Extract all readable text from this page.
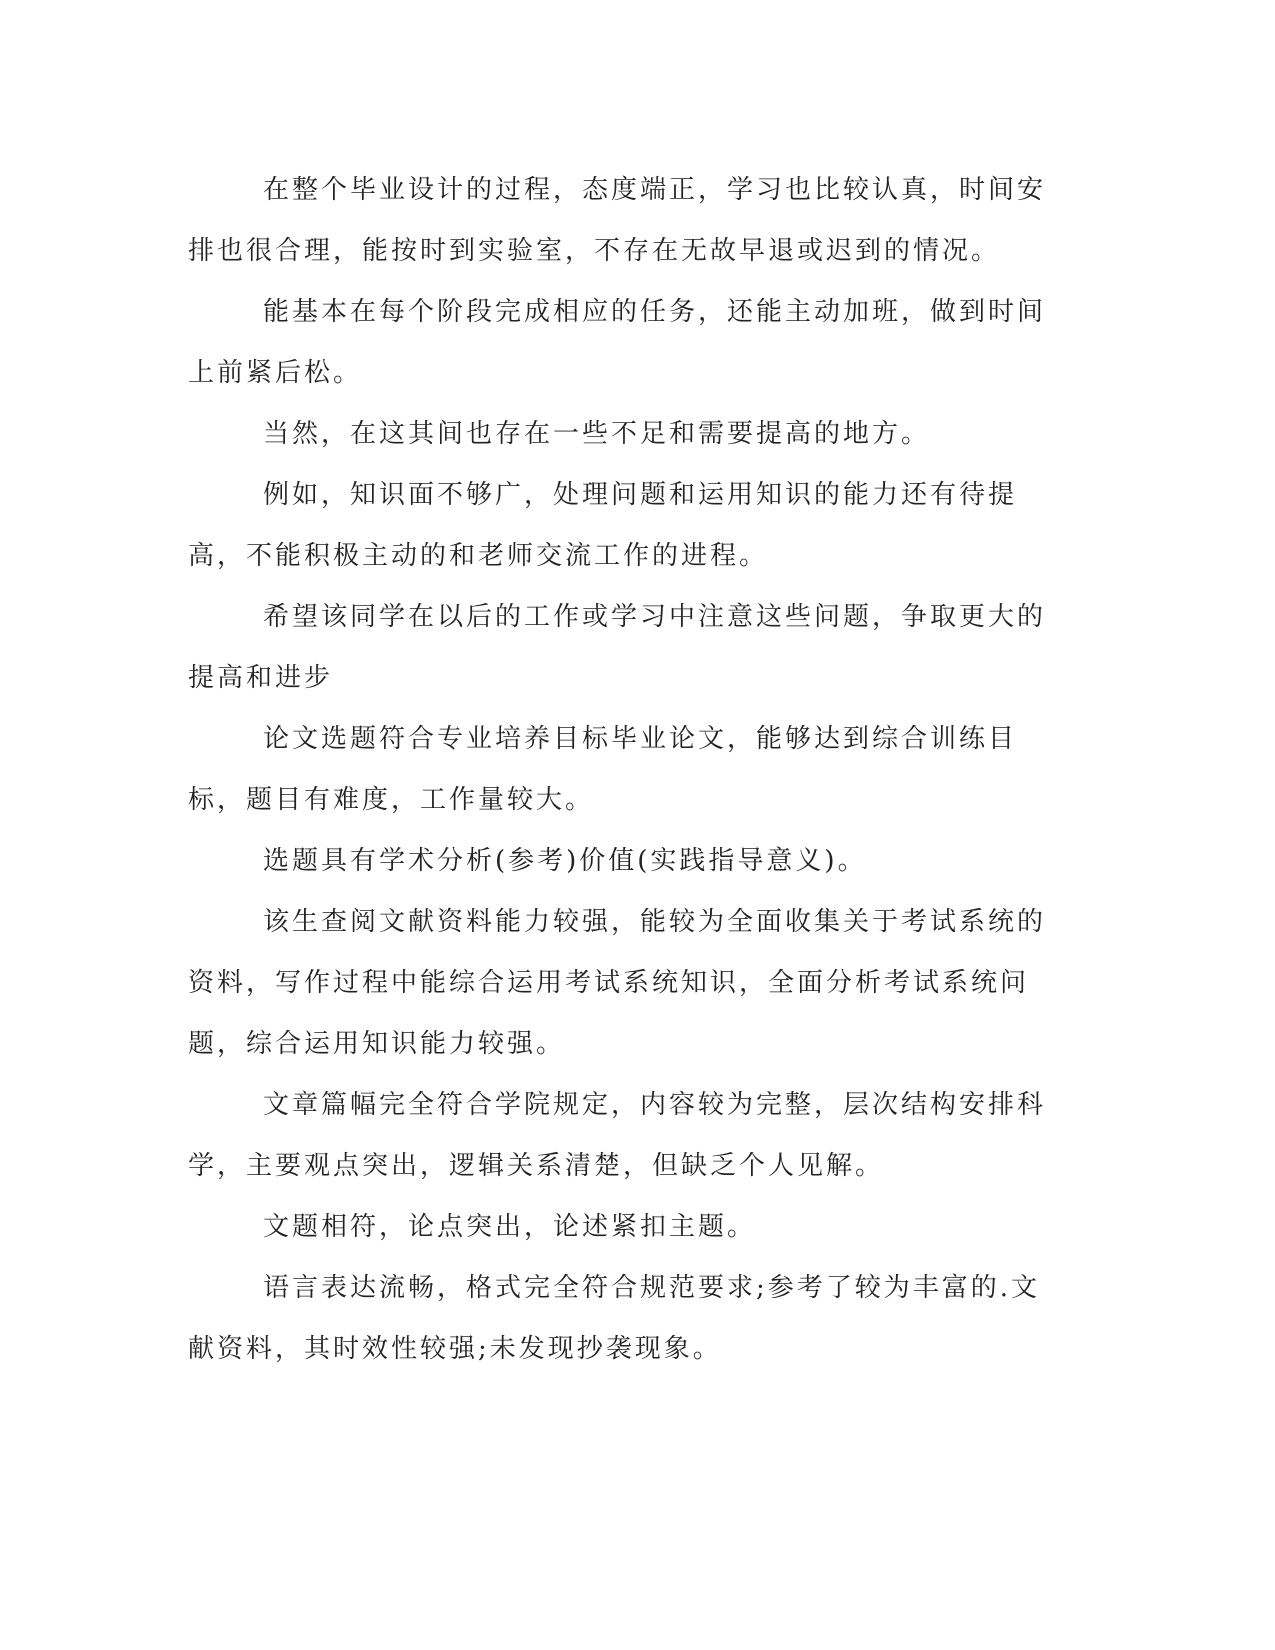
在整个毕业设计的过程，态度端正，学习也比较认真，时间安排也很合理，能按时到实验室，不存在无故早退或迟到的情况。

能基本在每个阶段完成相应的任务，还能主动加班，做到时间上前紧后松。

当然，在这其间也存在一些不足和需要提高的地方。

例如，知识面不够广，处理问题和运用知识的能力还有待提高，不能积极主动的和老师交流工作的进程。

希望该同学在以后的工作或学习中注意这些问题，争取更大的提高和进步

论文选题符合专业培养目标毕业论文，能够达到综合训练目标，题目有难度，工作量较大。

选题具有学术分析(参考)价值(实践指导意义)。

该生查阅文献资料能力较强，能较为全面收集关于考试系统的资料，写作过程中能综合运用考试系统知识，全面分析考试系统问题，综合运用知识能力较强。

文章篇幅完全符合学院规定，内容较为完整，层次结构安排科学，主要观点突出，逻辑关系清楚，但缺乏个人见解。

文题相符，论点突出，论述紧扣主题。

语言表达流畅，格式完全符合规范要求;参考了较为丰富的.文献资料，其时效性较强;未发现抄袭现象。
